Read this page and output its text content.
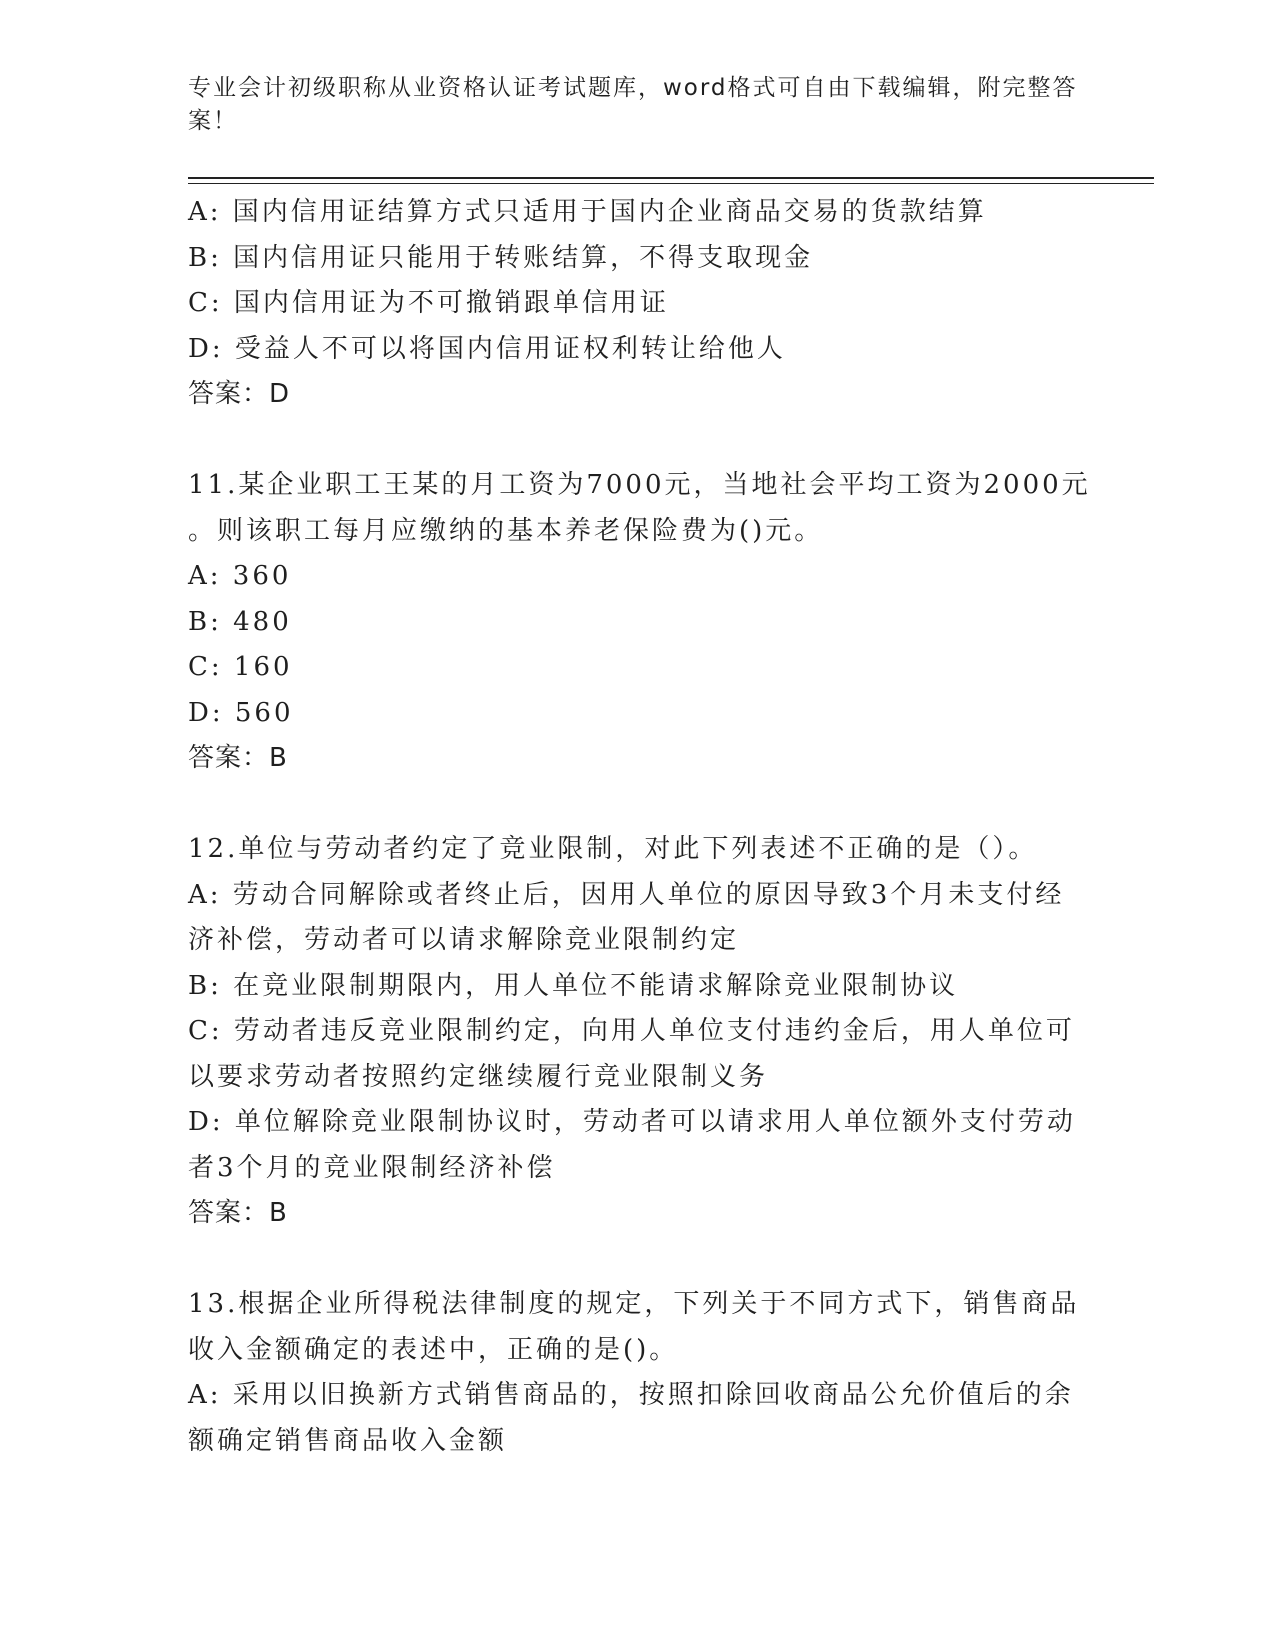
专业会计初级职称从业资格认证考试题库，word格式可自由下载编辑，附完整答
案！
A: 国内信用证结算方式只适用于国内企业商品交易的货款结算
B: 国内信用证只能用于转账结算，不得支取现金
C: 国内信用证为不可撤销跟单信用证
D: 受益人不可以将国内信用证权利转让给他人
答案：D
11.某企业职工王某的月工资为7000元，当地社会平均工资为2000元
。则该职工每月应缴纳的基本养老保险费为()元。
A: 360
B: 480
C: 160
D: 560
答案：B
12.单位与劳动者约定了竞业限制，对此下列表述不正确的是（）。
A: 劳动合同解除或者终止后，因用人单位的原因导致3个月未支付经
济补偿，劳动者可以请求解除竞业限制约定
B: 在竞业限制期限内，用人单位不能请求解除竞业限制协议
C: 劳动者违反竞业限制约定，向用人单位支付违约金后，用人单位可
以要求劳动者按照约定继续履行竞业限制义务
D: 单位解除竞业限制协议时，劳动者可以请求用人单位额外支付劳动
者3个月的竞业限制经济补偿
答案：B
13.根据企业所得税法律制度的规定，下列关于不同方式下，销售商品
收入金额确定的表述中，正确的是()。
A: 采用以旧换新方式销售商品的，按照扣除回收商品公允价值后的余
额确定销售商品收入金额
